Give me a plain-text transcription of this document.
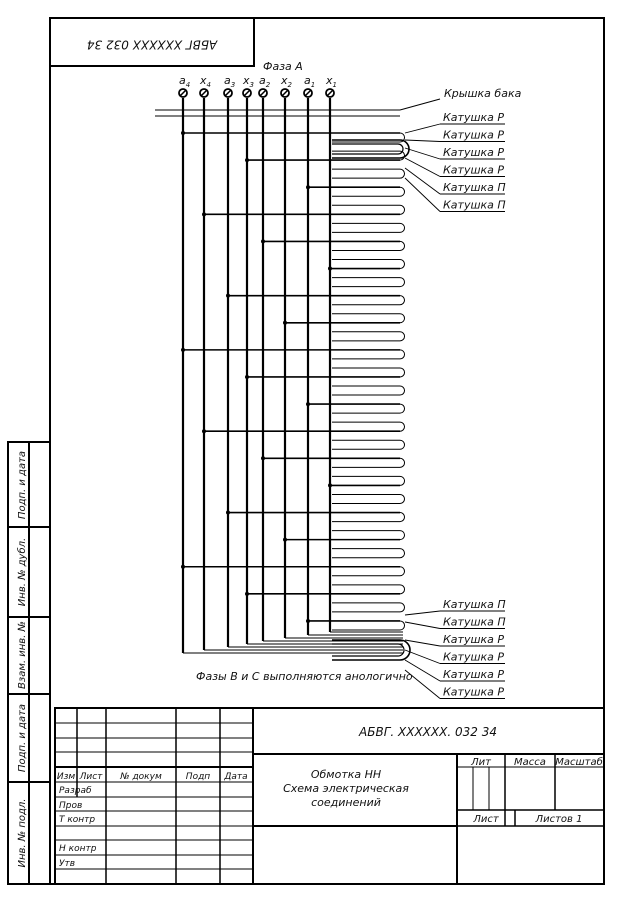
АБВГ XXXXXX 032 34
Подп. и дата
Инв. № дубл.
Взам. инв. №
Подп. и дата
Инв. № подл.
Фаза А
$a_4$ $x_4$ $a_3$ $x_3$ $a_2$ $x_2$ $a_1$ $x_1$
Крышка бака
Катушка Р
Катушка Р
Катушка Р
Катушка Р
Катушка П
Катушка П
Катушка П
Катушка П
Катушка Р
Катушка Р
Катушка Р
Катушка Р
Фазы В и С выполняются анологично
АБВГ. XXXXXX. 032 34
Обмотка НН
Схема электрическая
соединений
Изм Лист № докум	Подп Дата
Разраб
Пров
Т контр
Н контр
Утв
Лит Масса Масштаб
Лист	Листов 1
